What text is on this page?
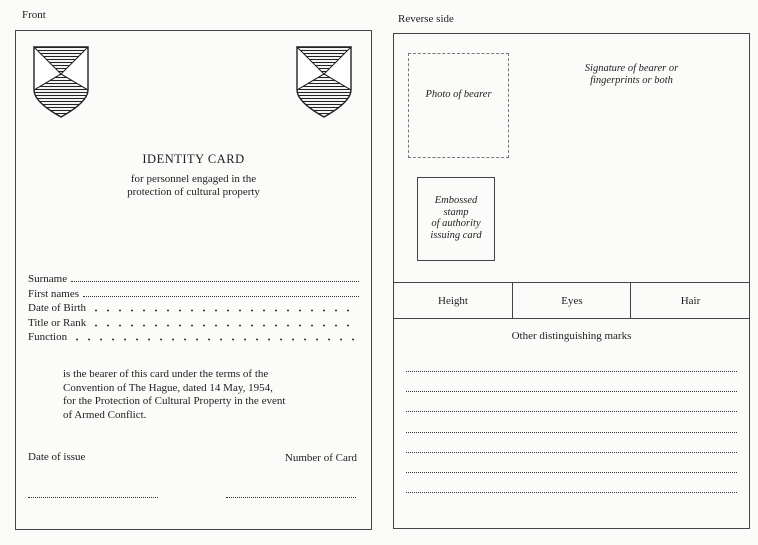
Front	Reverse side
IDENTITY CARD
for personnel engaged in the
protection of cultural property
Surname
First names
Date of Birth
Title or Rank
Function
is the bearer of this card under the terms of the
Convention of The Hague, dated 14 May, 1954,
for the Protection of Cultural Property in the event
of Armed Conflict.
Date of issue	Number of Card
Photo of bearer
Signature of bearer or
fingerprints or both
Embossed
stamp
of authority
issuing card
Height	Eyes	Hair
Other distinguishing marks
